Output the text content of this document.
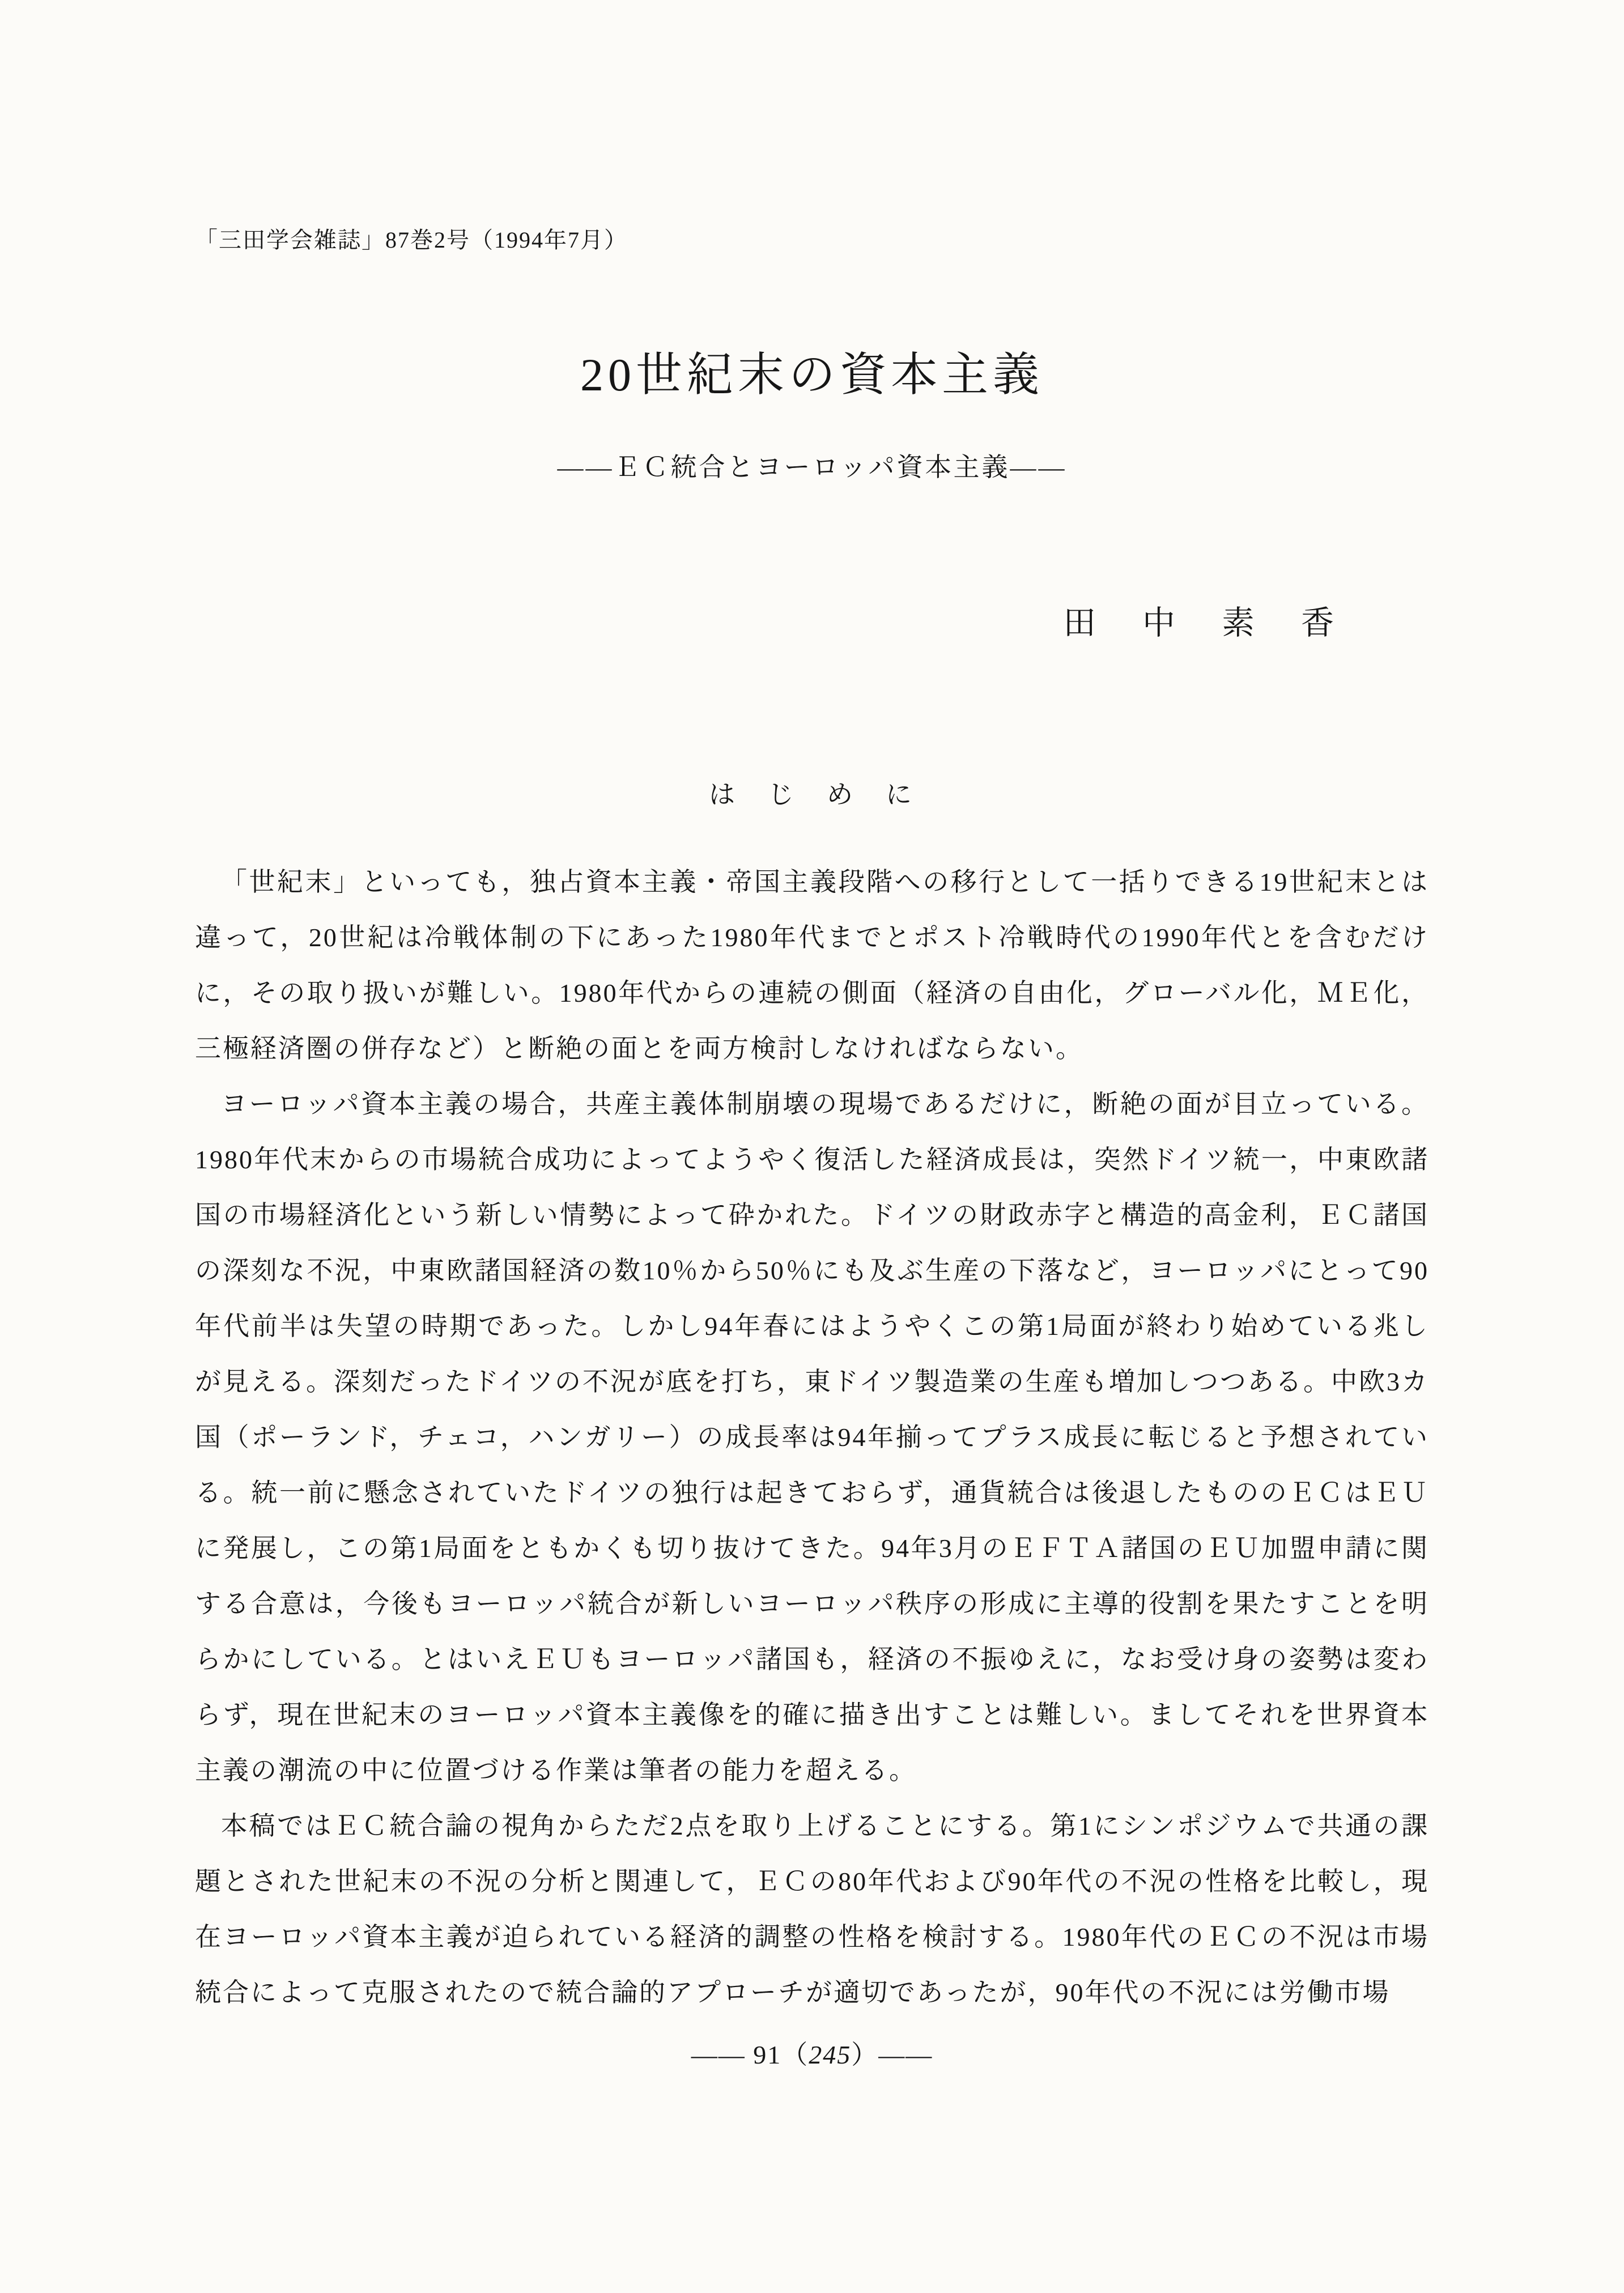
「三田学会雑誌」87巻2号（1994年7月）
20世紀末の資本主義
――ＥＣ統合とヨーロッパ資本主義――
田　中　素　香
は　じ　め　に

「世紀末」といっても，独占資本主義・帝国主義段階への移行として一括りできる19世紀末とは違って，20世紀は冷戦体制の下にあった1980年代までとポスト冷戦時代の1990年代とを含むだけに，その取り扱いが難しい。1980年代からの連続の側面（経済の自由化，グローバル化，ＭＥ化，三極経済圏の併存など）と断絶の面とを両方検討しなければならない。

ヨーロッパ資本主義の場合，共産主義体制崩壊の現場であるだけに，断絶の面が目立っている。1980年代末からの市場統合成功によってようやく復活した経済成長は，突然ドイツ統一，中東欧諸国の市場経済化という新しい情勢によって砕かれた。ドイツの財政赤字と構造的高金利，ＥＣ諸国の深刻な不況，中東欧諸国経済の数10％から50％にも及ぶ生産の下落など，ヨーロッパにとって90年代前半は失望の時期であった。しかし94年春にはようやくこの第1局面が終わり始めている兆しが見える。深刻だったドイツの不況が底を打ち，東ドイツ製造業の生産も増加しつつある。中欧3カ国（ポーランド，チェコ，ハンガリー）の成長率は94年揃ってプラス成長に転じると予想されている。統一前に懸念されていたドイツの独行は起きておらず，通貨統合は後退したもののＥＣはＥＵに発展し，この第1局面をともかくも切り抜けてきた。94年3月のＥＦＴＡ諸国のＥＵ加盟申請に関する合意は，今後もヨーロッパ統合が新しいヨーロッパ秩序の形成に主導的役割を果たすことを明らかにしている。とはいえＥＵもヨーロッパ諸国も，経済の不振ゆえに，なお受け身の姿勢は変わらず，現在世紀末のヨーロッパ資本主義像を的確に描き出すことは難しい。ましてそれを世界資本主義の潮流の中に位置づける作業は筆者の能力を超える。

本稿ではＥＣ統合論の視角からただ2点を取り上げることにする。第1にシンポジウムで共通の課題とされた世紀末の不況の分析と関連して，ＥＣの80年代および90年代の不況の性格を比較し，現在ヨーロッパ資本主義が迫られている経済的調整の性格を検討する。1980年代のＥＣの不況は市場統合によって克服されたので統合論的アプローチが適切であったが，90年代の不況には労働市場

―― 91（245）――
